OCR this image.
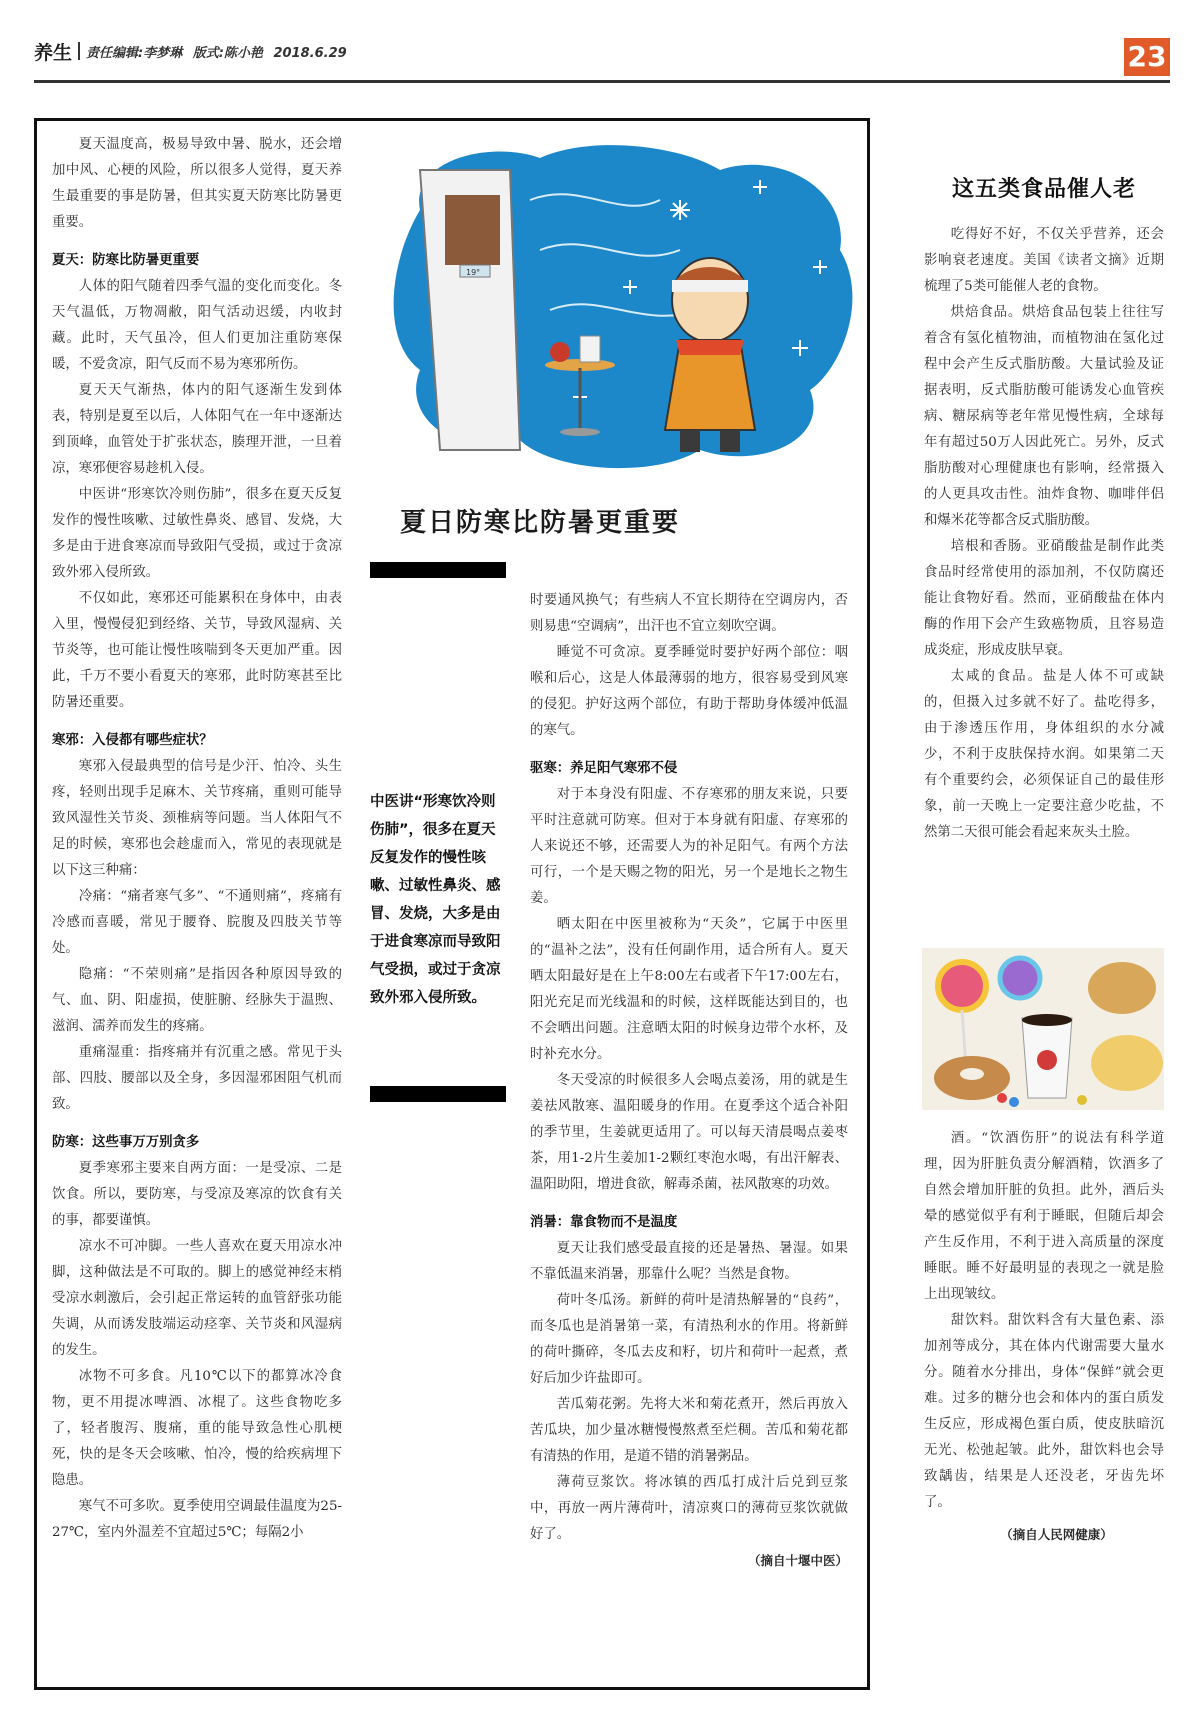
养生 责任编辑:李梦琳 版式:陈小艳 2018.6.29	23

夏天温度高，极易导致中暑、脱水，还会增加中风、心梗的风险，所以很多人觉得，夏天养生最重要的事是防暑，但其实夏天防寒比防暑更重要。

夏天：防寒比防暑更重要

人体的阳气随着四季气温的变化而变化。冬天气温低，万物凋敝，阳气活动迟缓，内收封藏。此时，天气虽冷，但人们更加注重防寒保暖，不爱贪凉，阳气反而不易为寒邪所伤。

夏天天气渐热，体内的阳气逐渐生发到体表，特别是夏至以后，人体阳气在一年中逐渐达到顶峰，血管处于扩张状态，腠理开泄，一旦着凉，寒邪便容易趁机入侵。

中医讲“形寒饮冷则伤肺”，很多在夏天反复发作的慢性咳嗽、过敏性鼻炎、感冒、发烧，大多是由于进食寒凉而导致阳气受损，或过于贪凉致外邪入侵所致。

不仅如此，寒邪还可能累积在身体中，由表入里，慢慢侵犯到经络、关节，导致风湿病、关节炎等，也可能让慢性咳喘到冬天更加严重。因此，千万不要小看夏天的寒邪，此时防寒甚至比防暑还重要。

寒邪：入侵都有哪些症状？

寒邪入侵最典型的信号是少汗、怕冷、头生疼，轻则出现手足麻木、关节疼痛，重则可能导致风湿性关节炎、颈椎病等问题。当人体阳气不足的时候，寒邪也会趁虚而入，常见的表现就是以下这三种痛：

冷痛：“痛者寒气多”、“不通则痛”，疼痛有冷感而喜暖，常见于腰脊、脘腹及四肢关节等处。

隐痛：“不荣则痛”是指因各种原因导致的气、血、阴、阳虚损，使脏腑、经脉失于温煦、滋润、濡养而发生的疼痛。

重痛湿重：指疼痛并有沉重之感。常见于头部、四肢、腰部以及全身，多因湿邪困阻气机而致。

防寒：这些事万万别贪多

夏季寒邪主要来自两方面：一是受凉、二是饮食。所以，要防寒，与受凉及寒凉的饮食有关的事，都要谨慎。

凉水不可冲脚。一些人喜欢在夏天用凉水冲脚，这种做法是不可取的。脚上的感觉神经末梢受凉水刺激后，会引起正常运转的血管舒张功能失调，从而诱发肢端运动痉挛、关节炎和风湿病的发生。

冰物不可多食。凡10℃以下的都算冰冷食物，更不用提冰啤酒、冰棍了。这些食物吃多了，轻者腹泻、腹痛，重的能导致急性心肌梗死，快的是冬天会咳嗽、怕冷，慢的给疾病埋下隐患。

寒气不可多吹。夏季使用空调最佳温度为25-27℃，室内外温差不宜超过5℃；每隔2小

19°
夏日防寒比防暑更重要
中医讲“形寒饮冷则伤肺”，很多在夏天反复发作的慢性咳嗽、过敏性鼻炎、感冒、发烧，大多是由于进食寒凉而导致阳气受损，或过于贪凉致外邪入侵所致。

时要通风换气；有些病人不宜长期待在空调房内，否则易患“空调病”，出汗也不宜立刻吹空调。

睡觉不可贪凉。夏季睡觉时要护好两个部位：咽喉和后心，这是人体最薄弱的地方，很容易受到风寒的侵犯。护好这两个部位，有助于帮助身体缓冲低温的寒气。

驱寒：养足阳气寒邪不侵

对于本身没有阳虚、不存寒邪的朋友来说，只要平时注意就可防寒。但对于本身就有阳虚、存寒邪的人来说还不够，还需要人为的补足阳气。有两个方法可行，一个是天赐之物的阳光，另一个是地长之物生姜。

晒太阳在中医里被称为“天灸”，它属于中医里的“温补之法”，没有任何副作用，适合所有人。夏天晒太阳最好是在上午8:00左右或者下午17:00左右，阳光充足而光线温和的时候，这样既能达到目的，也不会晒出问题。注意晒太阳的时候身边带个水杯，及时补充水分。

冬天受凉的时候很多人会喝点姜汤，用的就是生姜祛风散寒、温阳暖身的作用。在夏季这个适合补阳的季节里，生姜就更适用了。可以每天清晨喝点姜枣茶，用1-2片生姜加1-2颗红枣泡水喝，有出汗解表、温阳助阳，增进食欲，解毒杀菌，祛风散寒的功效。

消暑：靠食物而不是温度

夏天让我们感受最直接的还是暑热、暑湿。如果不靠低温来消暑，那靠什么呢？当然是食物。

荷叶冬瓜汤。新鲜的荷叶是清热解暑的“良药”，而冬瓜也是消暑第一菜，有清热利水的作用。将新鲜的荷叶撕碎，冬瓜去皮和籽，切片和荷叶一起煮，煮好后加少许盐即可。

苦瓜菊花粥。先将大米和菊花煮开，然后再放入苦瓜块，加少量冰糖慢慢熬煮至烂稠。苦瓜和菊花都有清热的作用，是道不错的消暑粥品。

薄荷豆浆饮。将冰镇的西瓜打成汁后兑到豆浆中，再放一两片薄荷叶，清凉爽口的薄荷豆浆饮就做好了。

（摘自十堰中医）

这五类食品催人老

吃得好不好，不仅关乎营养，还会影响衰老速度。美国《读者文摘》近期梳理了5类可能催人老的食物。

烘焙食品。烘焙食品包装上往往写着含有氢化植物油，而植物油在氢化过程中会产生反式脂肪酸。大量试验及证据表明，反式脂肪酸可能诱发心血管疾病、糖尿病等老年常见慢性病，全球每年有超过50万人因此死亡。另外，反式脂肪酸对心理健康也有影响，经常摄入的人更具攻击性。油炸食物、咖啡伴侣和爆米花等都含反式脂肪酸。

培根和香肠。亚硝酸盐是制作此类食品时经常使用的添加剂，不仅防腐还能让食物好看。然而，亚硝酸盐在体内酶的作用下会产生致癌物质，且容易造成炎症，形成皮肤早衰。

太咸的食品。盐是人体不可或缺的，但摄入过多就不好了。盐吃得多，由于渗透压作用，身体组织的水分减少，不利于皮肤保持水润。如果第二天有个重要约会，必须保证自己的最佳形象，前一天晚上一定要注意少吃盐，不然第二天很可能会看起来灰头土脸。

酒。“饮酒伤肝”的说法有科学道理，因为肝脏负责分解酒精，饮酒多了自然会增加肝脏的负担。此外，酒后头晕的感觉似乎有利于睡眠，但随后却会产生反作用，不利于进入高质量的深度睡眠。睡不好最明显的表现之一就是脸上出现皱纹。

甜饮料。甜饮料含有大量色素、添加剂等成分，其在体内代谢需要大量水分。随着水分排出，身体“保鲜”就会更难。过多的糖分也会和体内的蛋白质发生反应，形成褐色蛋白质，使皮肤暗沉无光、松弛起皱。此外，甜饮料也会导致龋齿，结果是人还没老，牙齿先坏了。

（摘自人民网健康）
